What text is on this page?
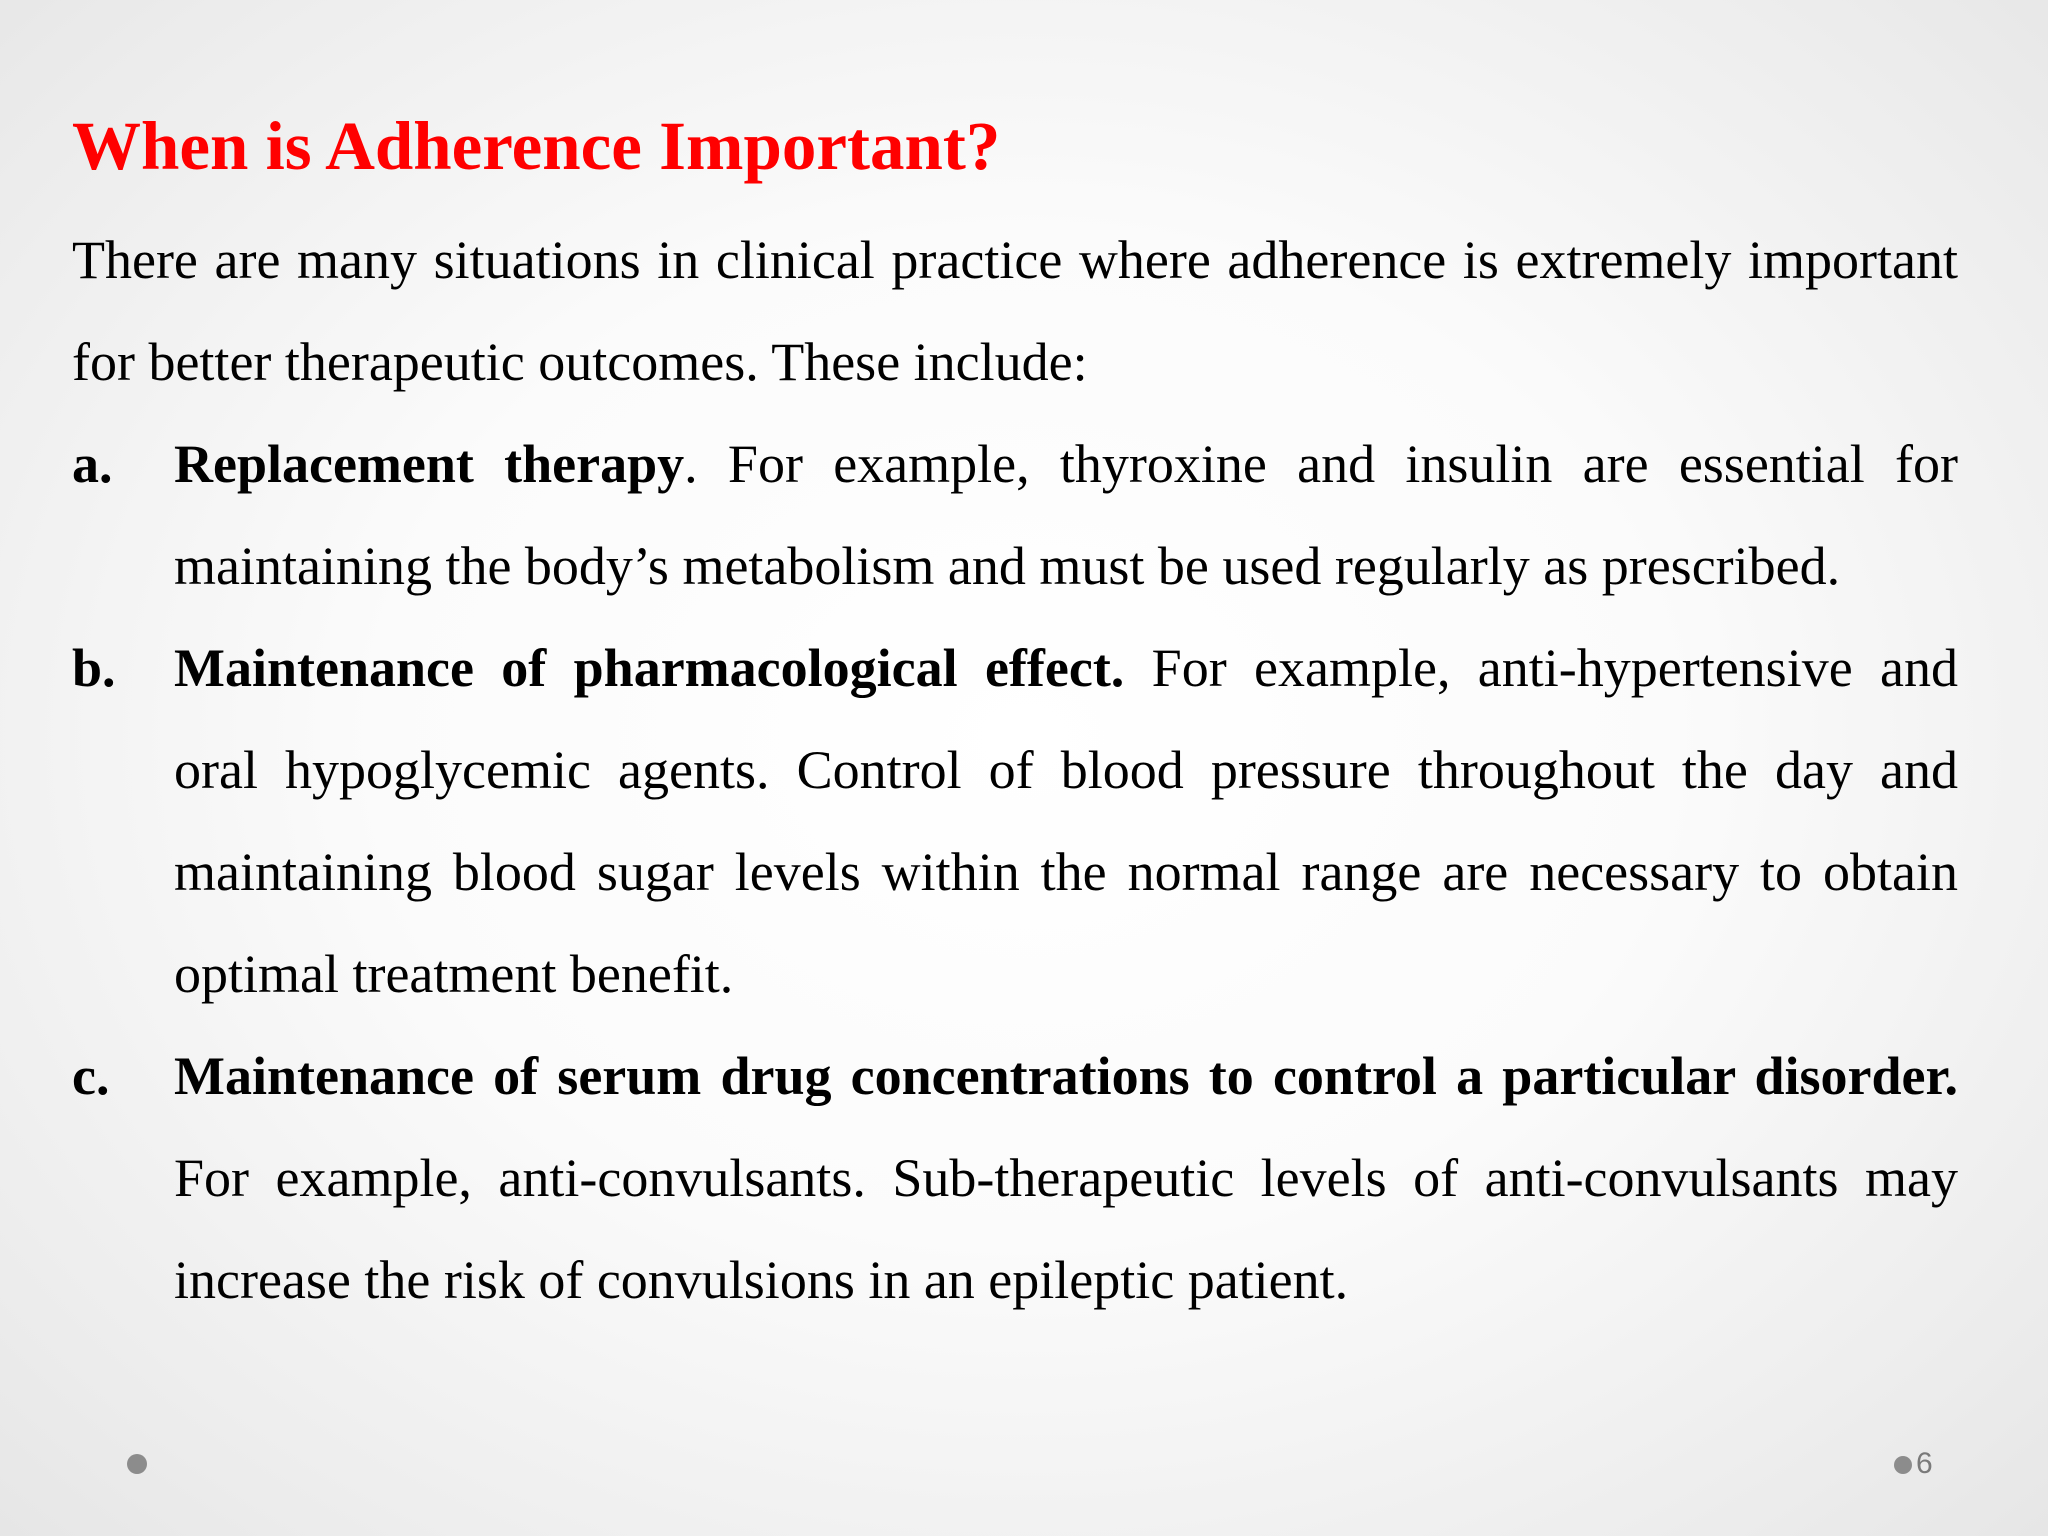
When is Adherence Important?

There are many situations in clinical practice where adherence is extremely important for better therapeutic outcomes. These include:

a.	Replacement therapy. For example, thyroxine and insulin are essential for maintaining the body’s metabolism and must be used regularly as prescribed.
b.	Maintenance of pharmacological effect. For example, anti-hypertensive and oral hypoglycemic agents. Control of blood pressure throughout the day and maintaining blood sugar levels within the normal range are necessary to obtain optimal treatment benefit.
c.	Maintenance of serum drug concentrations to control a particular disorder. For example, anti-convulsants. Sub-therapeutic levels of anti-convulsants may increase the risk of convulsions in an epileptic patient.
6
